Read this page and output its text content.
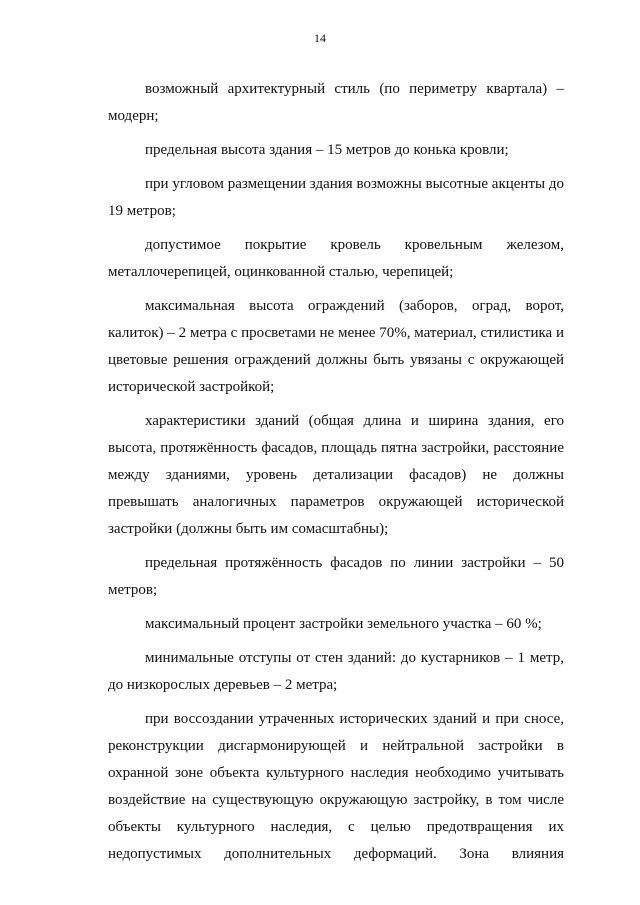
14

возможный архитектурный стиль (по периметру квартала) – модерн;

предельная высота здания – 15 метров до конька кровли;

при угловом размещении здания возможны высотные акценты до 19 метров;

допустимое покрытие кровель кровельным железом, металлочерепицей, оцинкованной сталью, черепицей;

максимальная высота ограждений (заборов, оград, ворот, калиток) – 2 метра с просветами не менее 70%, материал, стилистика и цветовые решения ограждений должны быть увязаны с окружающей исторической застройкой;

характеристики зданий (общая длина и ширина здания, его высота, протяжённость фасадов, площадь пятна застройки, расстояние между зданиями, уровень детализации фасадов) не должны превышать аналогичных параметров окружающей исторической застройки (должны быть им сомасштабны);

предельная протяжённость фасадов по линии застройки – 50 метров;

максимальный процент застройки земельного участка – 60 %;

минимальные отступы от стен зданий: до кустарников – 1 метр, до низкорослых деревьев – 2 метра;

при воссоздании утраченных исторических зданий и при сносе, реконструкции дисгармонирующей и нейтральной застройки в охранной зоне объекта культурного наследия необходимо учитывать воздействие на существующую окружающую застройку, в том числе объекты культурного наследия, с целью предотвращения их недопустимых дополнительных деформаций. Зона влияния
